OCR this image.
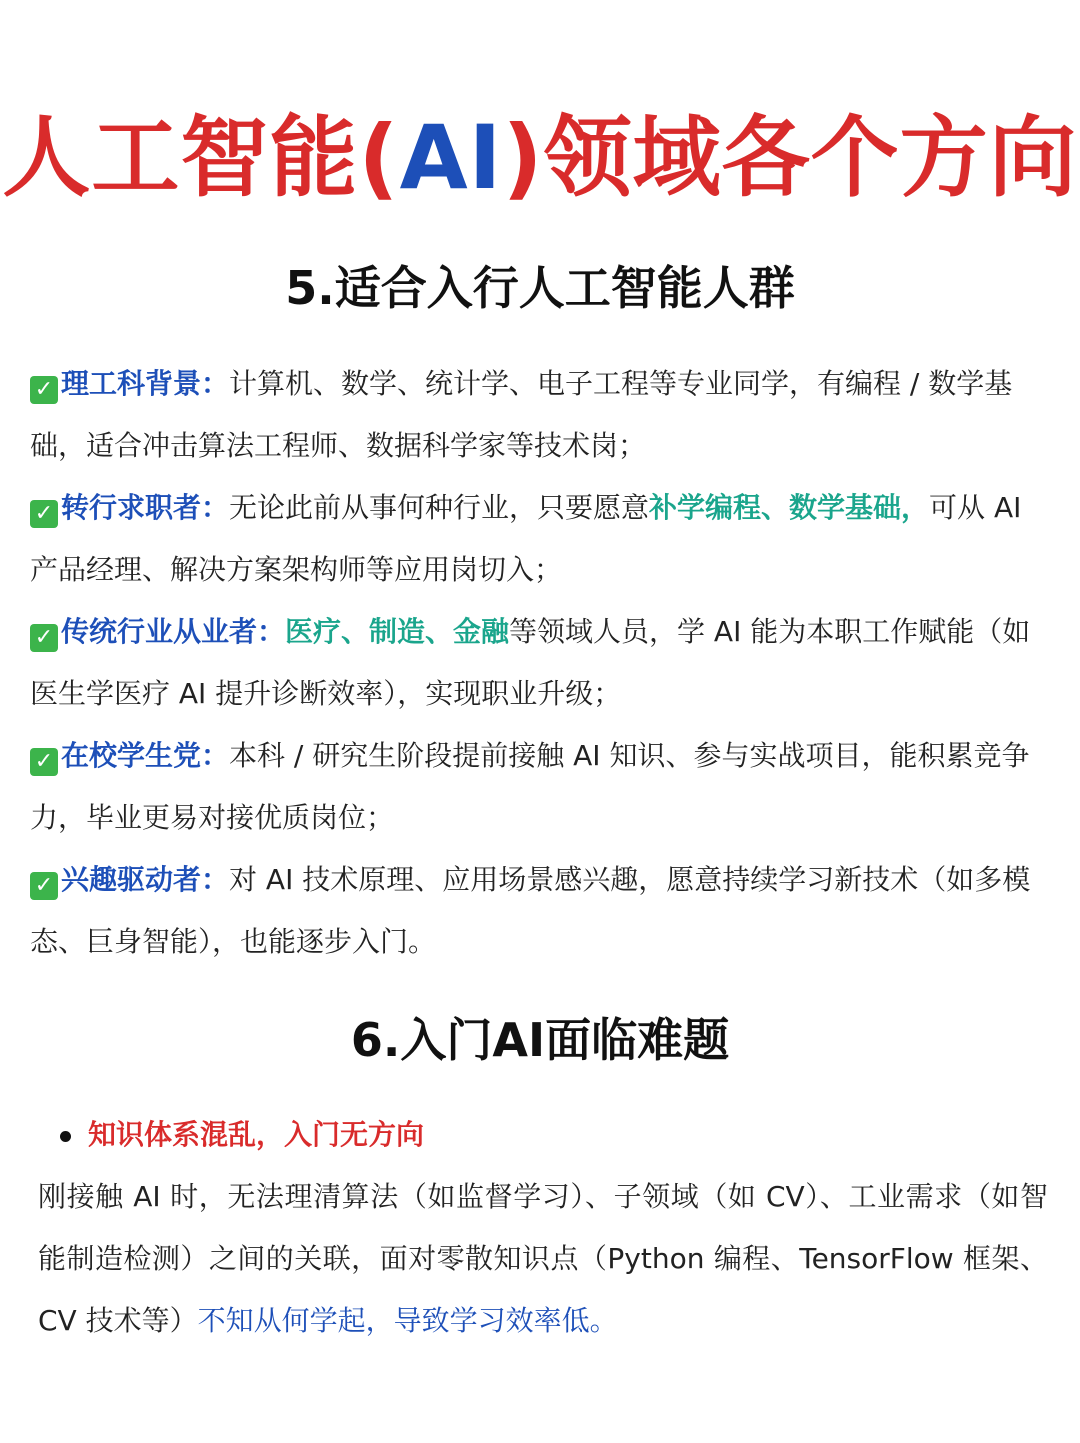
人工智能(AI)领域各个方向
5.适合入行人工智能人群

✓ 理工科背景：计算机、数学、统计学、电子工程等专业同学，有编程 / 数学基础，适合冲击算法工程师、数据科学家等技术岗；

✓ 转行求职者：无论此前从事何种行业，只要愿意补学编程、数学基础，可从 AI 产品经理、解决方案架构师等应用岗切入；

✓ 传统行业从业者：医疗、制造、金融等领域人员，学 AI 能为本职工作赋能（如医生学医疗 AI 提升诊断效率），实现职业升级；

✓ 在校学生党：本科 / 研究生阶段提前接触 AI 知识、参与实战项目，能积累竞争力，毕业更易对接优质岗位；

✓ 兴趣驱动者：对 AI 技术原理、应用场景感兴趣，愿意持续学习新技术（如多模态、巨身智能），也能逐步入门。

6.入门AI面临难题
知识体系混乱，入门无方向
刚接触 AI 时，无法理清算法（如监督学习）、子领域（如 CV）、工业需求（如智能制造检测）之间的关联，面对零散知识点（Python 编程、TensorFlow 框架、CV 技术等）不知从何学起，导致学习效率低。
